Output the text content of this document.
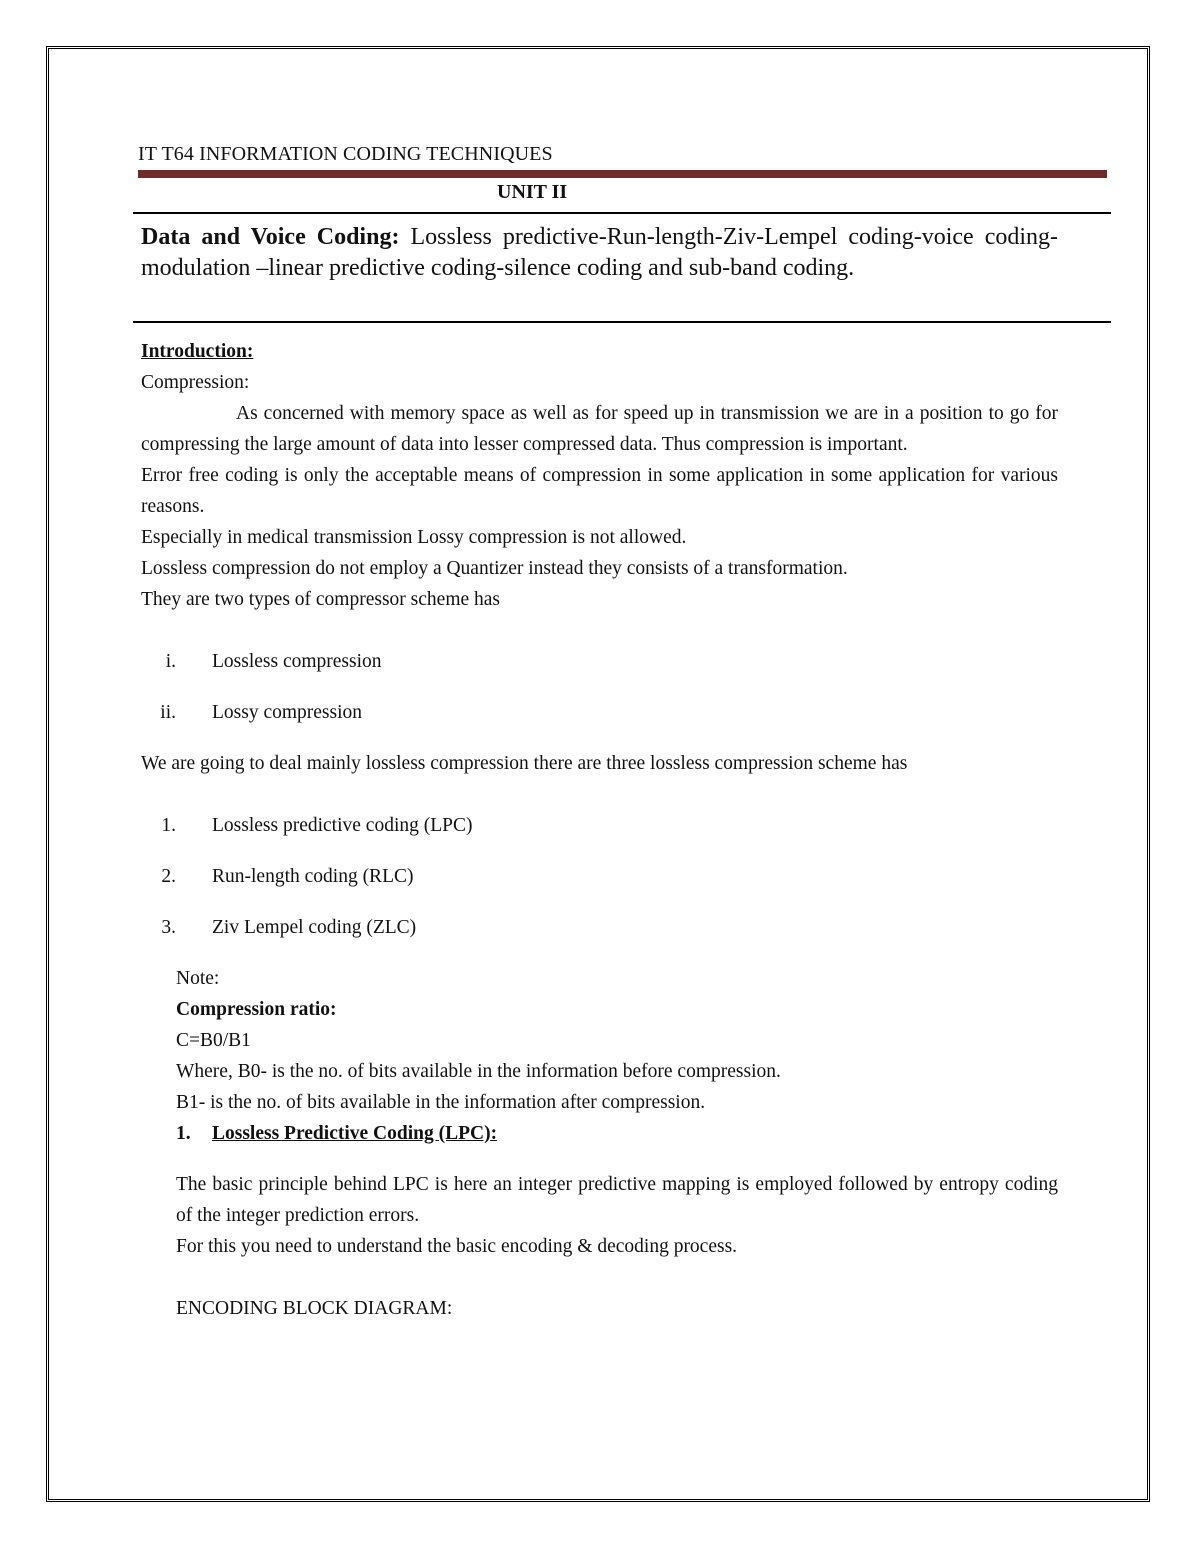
IT T64 INFORMATION CODING TECHNIQUES
UNIT II
Data and Voice Coding: Lossless predictive-Run-length-Ziv-Lempel coding-voice coding-modulation –linear predictive coding-silence coding and sub-band coding.
Introduction:
Compression:
As concerned with memory space as well as for speed up in transmission we are in a position to go for compressing the large amount of data into lesser compressed data. Thus compression is important.
Error free coding is only the acceptable means of compression in some application in some application for various reasons.
Especially in medical transmission Lossy compression is not allowed.
Lossless compression do not employ a Quantizer instead they consists of a transformation.
They are two types of compressor scheme has
i. Lossless compression
ii. Lossy compression
We are going to deal mainly lossless compression there are three lossless compression scheme has
1. Lossless predictive coding (LPC)
2. Run-length coding (RLC)
3. Ziv Lempel coding (ZLC)
Note:
Compression ratio:
C=B0/B1
Where, B0- is the no. of bits available in the information before compression.
B1- is the no. of bits available in the information after compression.
1. Lossless Predictive Coding (LPC):
The basic principle behind LPC is here an integer predictive mapping is employed followed by entropy coding of the integer prediction errors.
For this you need to understand the basic encoding & decoding process.
ENCODING BLOCK DIAGRAM:
